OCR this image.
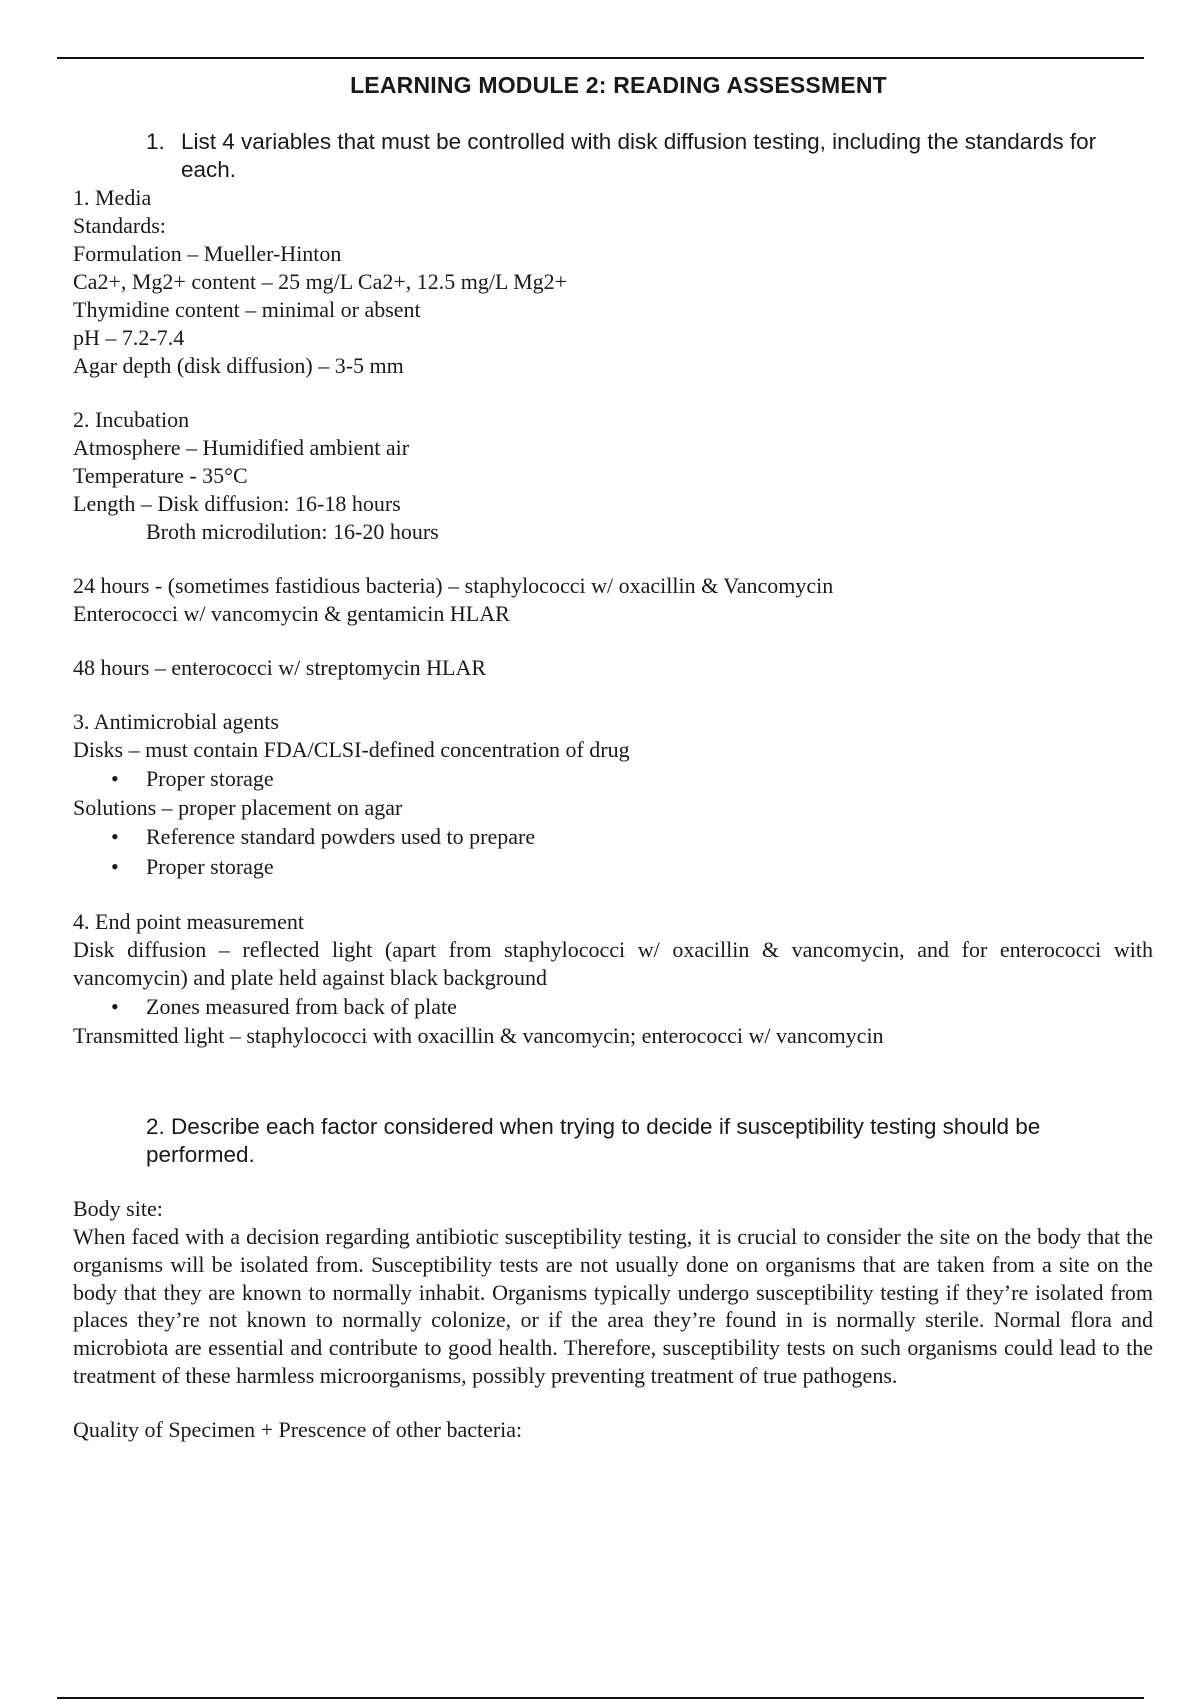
LEARNING MODULE 2: READING ASSESSMENT
1. List 4 variables that must be controlled with disk diffusion testing, including the standards for each.
1. Media
Standards:
Formulation – Mueller-Hinton
Ca2+, Mg2+ content – 25 mg/L Ca2+, 12.5 mg/L Mg2+
Thymidine content – minimal or absent
pH – 7.2-7.4
Agar depth (disk diffusion) – 3-5 mm
2. Incubation
Atmosphere – Humidified ambient air
Temperature - 35°C
Length – Disk diffusion: 16-18 hours
Broth microdilution: 16-20 hours
24 hours - (sometimes fastidious bacteria) – staphylococci w/ oxacillin & Vancomycin
Enterococci w/ vancomycin & gentamicin HLAR
48 hours – enterococci w/ streptomycin HLAR
3. Antimicrobial agents
Disks – must contain FDA/CLSI-defined concentration of drug
• Proper storage
Solutions – proper placement on agar
• Reference standard powders used to prepare
• Proper storage
4. End point measurement
Disk diffusion – reflected light (apart from staphylococci w/ oxacillin & vancomycin, and for enterococci with vancomycin) and plate held against black background
• Zones measured from back of plate
Transmitted light – staphylococci with oxacillin & vancomycin; enterococci w/ vancomycin
2. Describe each factor considered when trying to decide if susceptibility testing should be performed.
Body site:
When faced with a decision regarding antibiotic susceptibility testing, it is crucial to consider the site on the body that the organisms will be isolated from. Susceptibility tests are not usually done on organisms that are taken from a site on the body that they are known to normally inhabit. Organisms typically undergo susceptibility testing if they’re isolated from places they’re not known to normally colonize, or if the area they’re found in is normally sterile. Normal flora and microbiota are essential and contribute to good health. Therefore, susceptibility tests on such organisms could lead to the treatment of these harmless microorganisms, possibly preventing treatment of true pathogens.
Quality of Specimen + Prescence of other bacteria:
